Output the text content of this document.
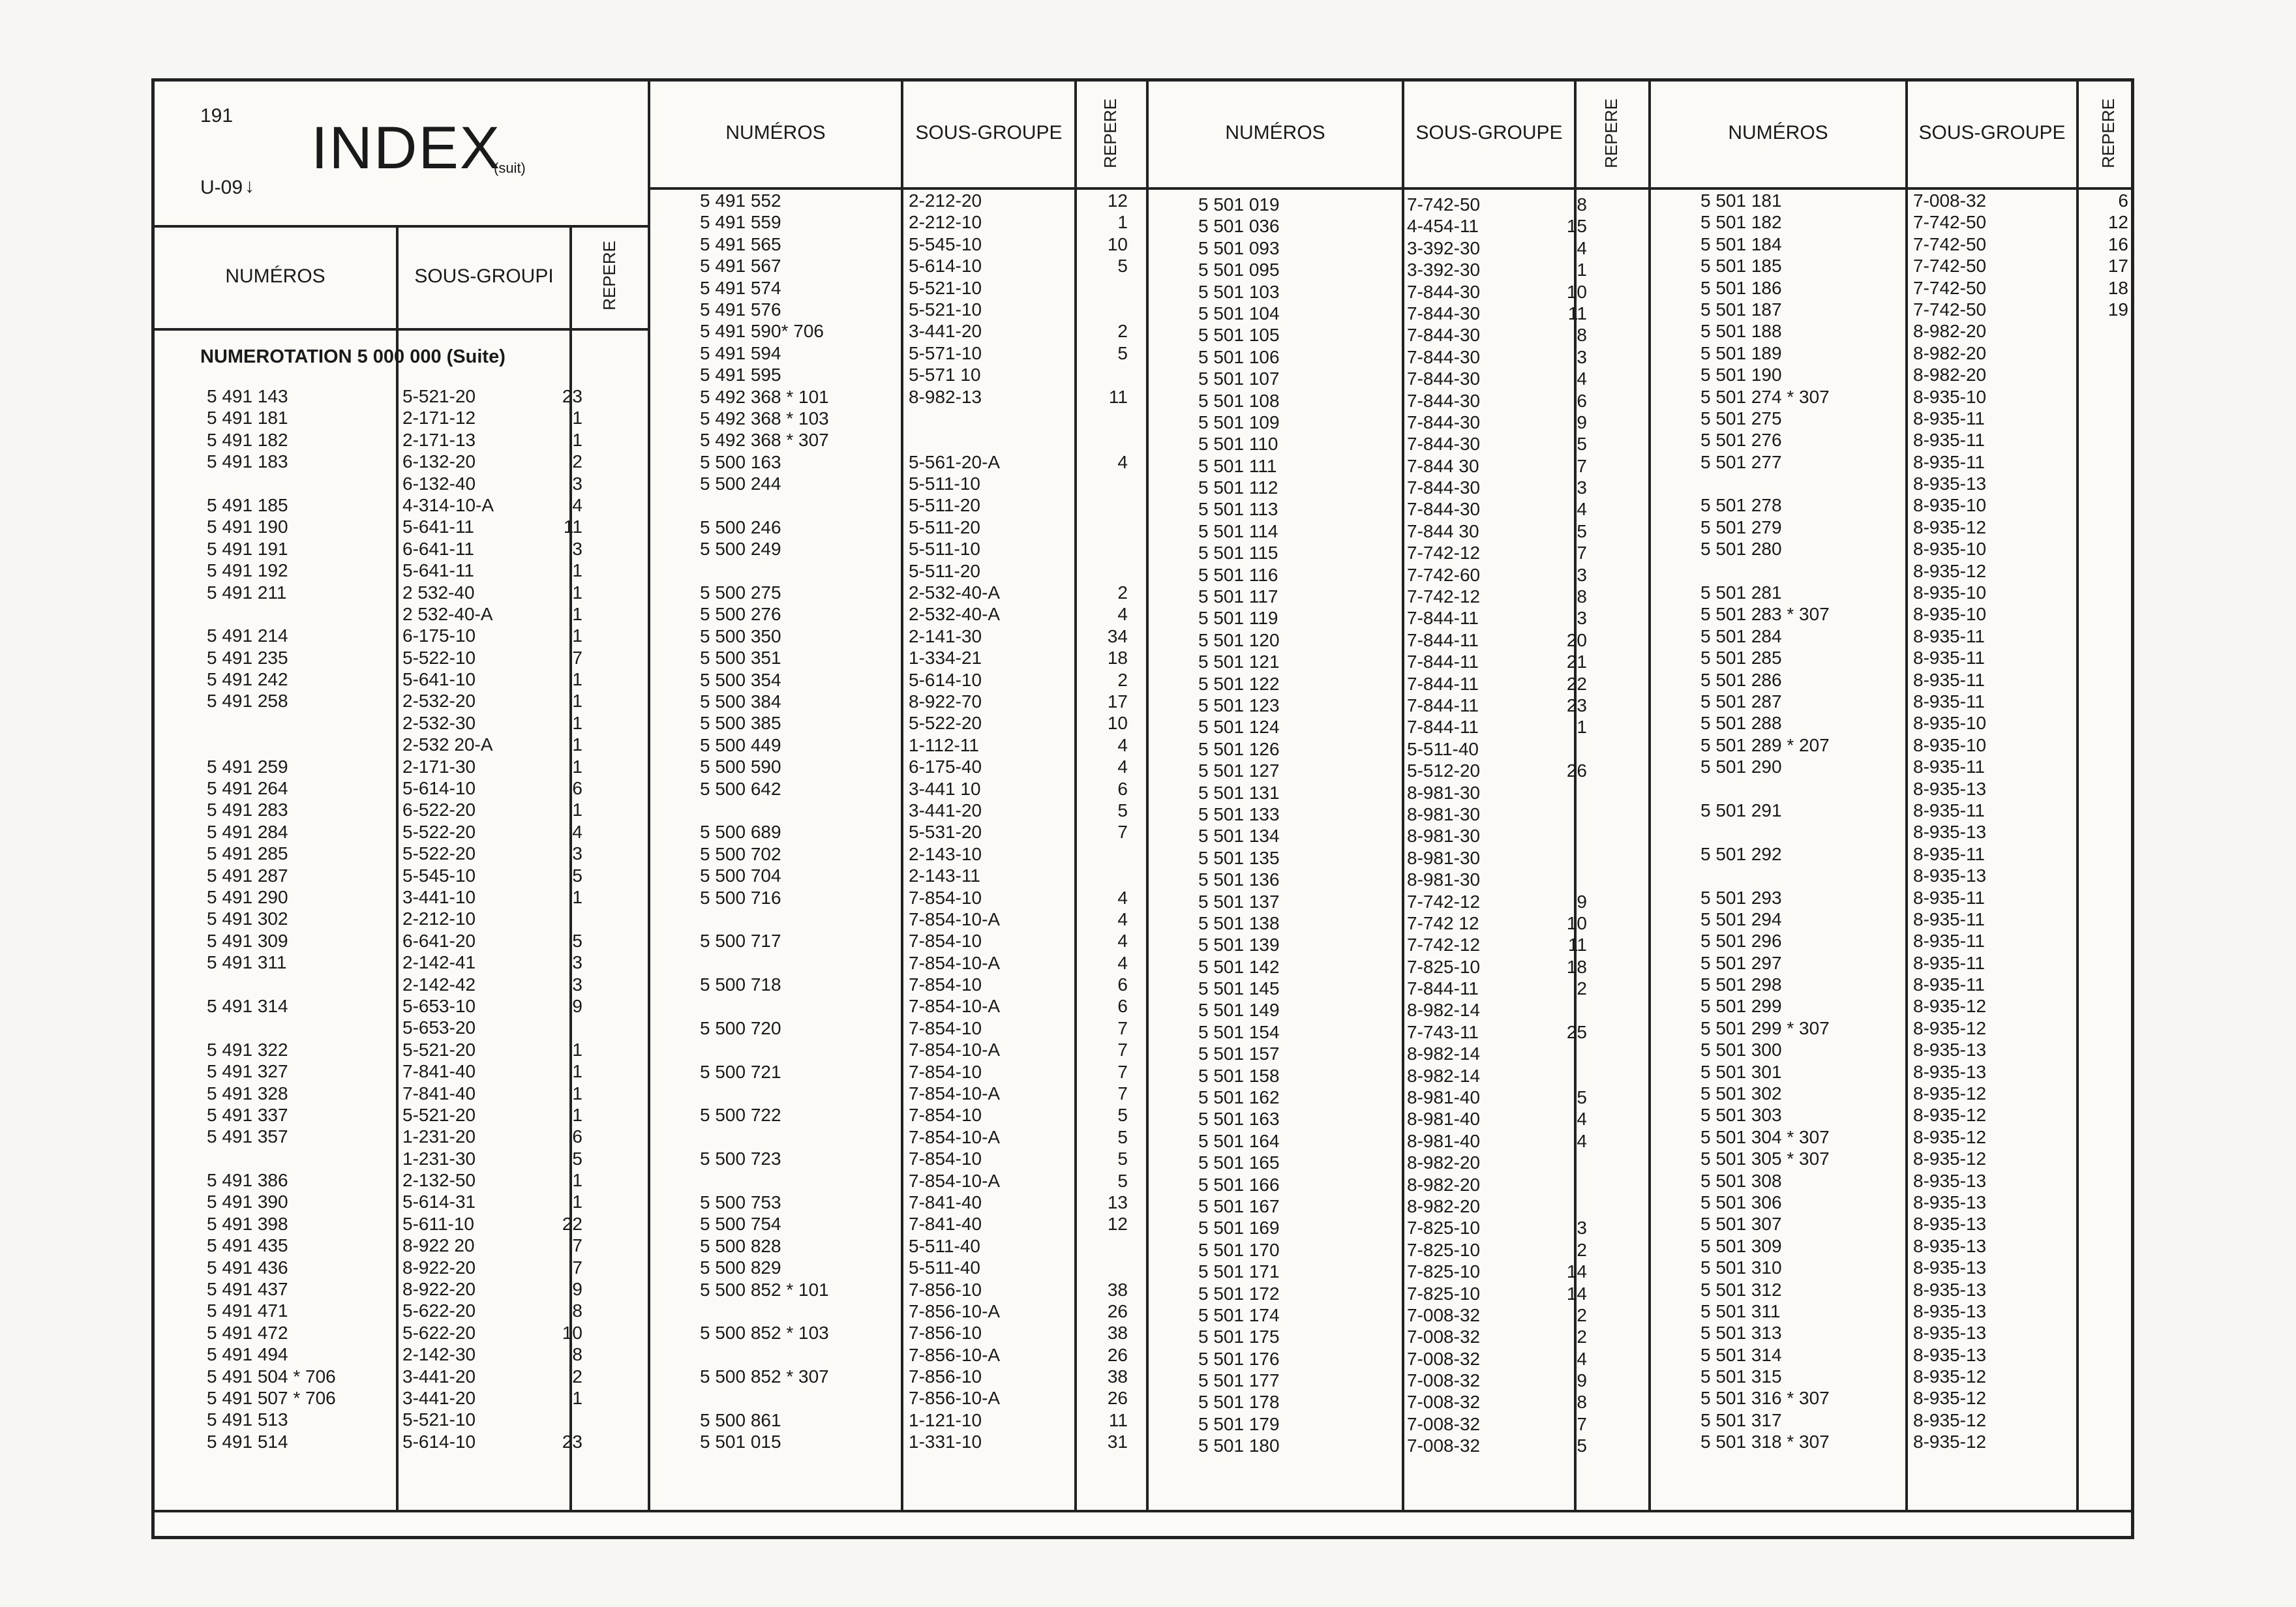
191 INDEX
(suit)
U-09 ↓
NUMÉROS	SOUS-GROUPI	REPERE
NUMÉROS	SOUS-GROUPE	REPERE	NUMÉROS	SOUS-GROUPE	REPERE	NUMÉROS	SOUS-GROUPE	REPERE
NUMEROTATION 5 000 000 (Suite)
5 491 143	5-521-20	23
5 491 181	2-171-12	1
5 491 182	2-171-13	1
5 491 183	6-132-20	2
6-132-40	3
5 491 185	4-314-10-A	4
5 491 190	5-641-11	11
5 491 191	6-641-11	3
5 491 192	5-641-11	1
5 491 211	2 532-40	1
2 532-40-A	1
5 491 214	6-175-10	1
5 491 235	5-522-10	7
5 491 242	5-641-10	1
5 491 258	2-532-20	1
2-532-30	1
2-532 20-A	1
5 491 259	2-171-30	1
5 491 264	5-614-10	6
5 491 283	6-522-20	1
5 491 284	5-522-20	4
5 491 285	5-522-20	3
5 491 287	5-545-10	5
5 491 290	3-441-10	1
5 491 302	2-212-10
5 491 309	6-641-20	5
5 491 311	2-142-41	3
2-142-42	3
5 491 314	5-653-10	9
5-653-20
5 491 322	5-521-20	1
5 491 327	7-841-40	1
5 491 328	7-841-40	1
5 491 337	5-521-20	1
5 491 357	1-231-20	6
1-231-30	5
5 491 386	2-132-50	1
5 491 390	5-614-31	1
5 491 398	5-611-10	22
5 491 435	8-922 20	7
5 491 436	8-922-20	7
5 491 437	8-922-20	9
5 491 471	5-622-20	8
5 491 472	5-622-20	10
5 491 494	2-142-30	8
5 491 504 * 706	3-441-20	2
5 491 507 * 706	3-441-20	1
5 491 513	5-521-10
5 491 514	5-614-10	23
5 491 552	2-212-20	12
5 491 559	2-212-10	1
5 491 565	5-545-10	10
5 491 567	5-614-10	5
5 491 574	5-521-10
5 491 576	5-521-10
5 491 590* 706	3-441-20	2
5 491 594	5-571-10	5
5 491 595	5-571 10
5 492 368 * 101	8-982-13	11
5 492 368 * 103
5 492 368 * 307
5 500 163	5-561-20-A	4
5 500 244	5-511-10
5-511-20
5 500 246	5-511-20
5 500 249	5-511-10
5-511-20
5 500 275	2-532-40-A	2
5 500 276	2-532-40-A	4
5 500 350	2-141-30	34
5 500 351	1-334-21	18
5 500 354	5-614-10	2
5 500 384	8-922-70	17
5 500 385	5-522-20	10
5 500 449	1-112-11	4
5 500 590	6-175-40	4
5 500 642	3-441 10	6
3-441-20	5
5 500 689	5-531-20	7
5 500 702	2-143-10
5 500 704	2-143-11
5 500 716	7-854-10	4
7-854-10-A	4
5 500 717	7-854-10	4
7-854-10-A	4
5 500 718	7-854-10	6
7-854-10-A	6
5 500 720	7-854-10	7
7-854-10-A	7
5 500 721	7-854-10	7
7-854-10-A	7
5 500 722	7-854-10	5
7-854-10-A	5
5 500 723	7-854-10	5
7-854-10-A	5
5 500 753	7-841-40	13
5 500 754	7-841-40	12
5 500 828	5-511-40
5 500 829	5-511-40
5 500 852 * 101	7-856-10	38
7-856-10-A	26
5 500 852 * 103	7-856-10	38
7-856-10-A	26
5 500 852 * 307	7-856-10	38
7-856-10-A	26
5 500 861	1-121-10	11
5 501 015	1-331-10	31
5 501 019	7-742-50	8
5 501 036	4-454-11	15
5 501 093	3-392-30	4
5 501 095	3-392-30	1
5 501 103	7-844-30	10
5 501 104	7-844-30	11
5 501 105	7-844-30	8
5 501 106	7-844-30	3
5 501 107	7-844-30	4
5 501 108	7-844-30	6
5 501 109	7-844-30	9
5 501 110	7-844-30	5
5 501 111	7-844 30	7
5 501 112	7-844-30	3
5 501 113	7-844-30	4
5 501 114	7-844 30	5
5 501 115	7-742-12	7
5 501 116	7-742-60	3
5 501 117	7-742-12	8
5 501 119	7-844-11	3
5 501 120	7-844-11	20
5 501 121	7-844-11	21
5 501 122	7-844-11	22
5 501 123	7-844-11	23
5 501 124	7-844-11	1
5 501 126	5-511-40
5 501 127	5-512-20	26
5 501 131	8-981-30
5 501 133	8-981-30
5 501 134	8-981-30
5 501 135	8-981-30
5 501 136	8-981-30
5 501 137	7-742-12	9
5 501 138	7-742 12	10
5 501 139	7-742-12	11
5 501 142	7-825-10	18
5 501 145	7-844-11	2
5 501 149	8-982-14
5 501 154	7-743-11	25
5 501 157	8-982-14
5 501 158	8-982-14
5 501 162	8-981-40	5
5 501 163	8-981-40	4
5 501 164	8-981-40	4
5 501 165	8-982-20
5 501 166	8-982-20
5 501 167	8-982-20
5 501 169	7-825-10	3
5 501 170	7-825-10	2
5 501 171	7-825-10	14
5 501 172	7-825-10	14
5 501 174	7-008-32	2
5 501 175	7-008-32	2
5 501 176	7-008-32	4
5 501 177	7-008-32	9
5 501 178	7-008-32	8
5 501 179	7-008-32	7
5 501 180	7-008-32	5
5 501 181	7-008-32	6
5 501 182	7-742-50	12
5 501 184	7-742-50	16
5 501 185	7-742-50	17
5 501 186	7-742-50	18
5 501 187	7-742-50	19
5 501 188	8-982-20
5 501 189	8-982-20
5 501 190	8-982-20
5 501 274 * 307	8-935-10
5 501 275	8-935-11
5 501 276	8-935-11
5 501 277	8-935-11
8-935-13
5 501 278	8-935-10
5 501 279	8-935-12
5 501 280	8-935-10
8-935-12
5 501 281	8-935-10
5 501 283 * 307	8-935-10
5 501 284	8-935-11
5 501 285	8-935-11
5 501 286	8-935-11
5 501 287	8-935-11
5 501 288	8-935-10
5 501 289 * 207	8-935-10
5 501 290	8-935-11
8-935-13
5 501 291	8-935-11
8-935-13
5 501 292	8-935-11
8-935-13
5 501 293	8-935-11
5 501 294	8-935-11
5 501 296	8-935-11
5 501 297	8-935-11
5 501 298	8-935-11
5 501 299	8-935-12
5 501 299 * 307	8-935-12
5 501 300	8-935-13
5 501 301	8-935-13
5 501 302	8-935-12
5 501 303	8-935-12
5 501 304 * 307	8-935-12
5 501 305 * 307	8-935-12
5 501 308	8-935-13
5 501 306	8-935-13
5 501 307	8-935-13
5 501 309	8-935-13
5 501 310	8-935-13
5 501 312	8-935-13
5 501 311	8-935-13
5 501 313	8-935-13
5 501 314	8-935-13
5 501 315	8-935-12
5 501 316 * 307	8-935-12
5 501 317	8-935-12
5 501 318 * 307	8-935-12
